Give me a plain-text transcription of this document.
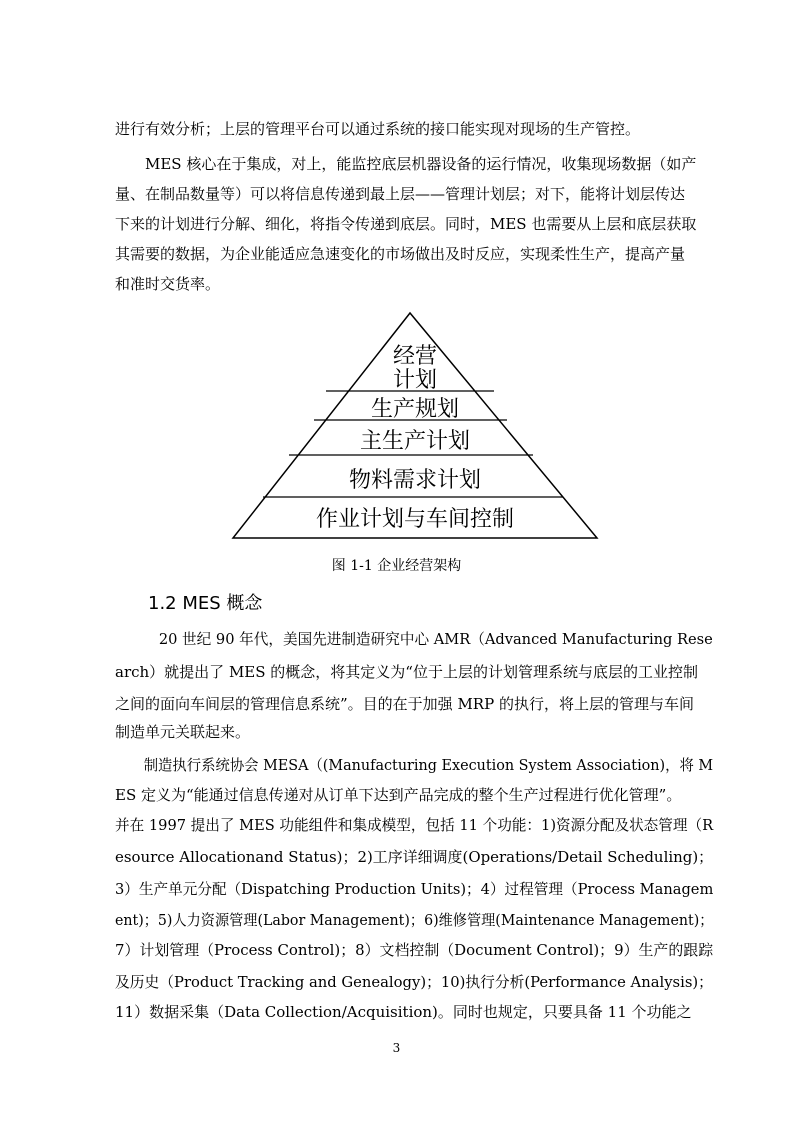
进行有效分析；上层的管理平台可以通过系统的接口能实现对现场的生产管控。
　　MES 核心在于集成，对上，能监控底层机器设备的运行情况，收集现场数据（如产
量、在制品数量等）可以将信息传递到最上层——管理计划层；对下，能将计划层传达
下来的计划进行分解、细化，将指令传递到底层。同时，MES 也需要从上层和底层获取
其需要的数据，为企业能适应急速变化的市场做出及时反应，实现柔性生产，提高产量
和准时交货率。
经营
计划
生产规划
主生产计划
物料需求计划
作业计划与车间控制
图 1-1 企业经营架构
1.2 MES 概念
　　　20 世纪 90 年代，美国先进制造研究中心 AMR（Advanced Manufacturing Rese
arch）就提出了 MES 的概念，将其定义为“位于上层的计划管理系统与底层的工业控制
之间的面向车间层的管理信息系统”。目的在于加强 MRP 的执行，将上层的管理与车间
制造单元关联起来。
　　制造执行系统协会 MESA（(Manufacturing Execution System Association)，将 M
ES 定义为“能通过信息传递对从订单下达到产品完成的整个生产过程进行优化管理”。
并在 1997 提出了 MES 功能组件和集成模型，包括 11 个功能：1)资源分配及状态管理（R
esource Allocationand Status)；2)工序详细调度(Operations/Detail Scheduling)；
3）生产单元分配（Dispatching Production Units)；4）过程管理（Process Managem
ent)；5)人力资源管理(Labor Management)；6)维修管理(Maintenance Management)；
7）计划管理（Process Control)；8）文档控制（Document Control)；9）生产的跟踪
及历史（Product Tracking and Genealogy)；10)执行分析(Performance Analysis)；
11）数据采集（Data Collection/Acquisition)。同时也规定，只要具备 11 个功能之
3
